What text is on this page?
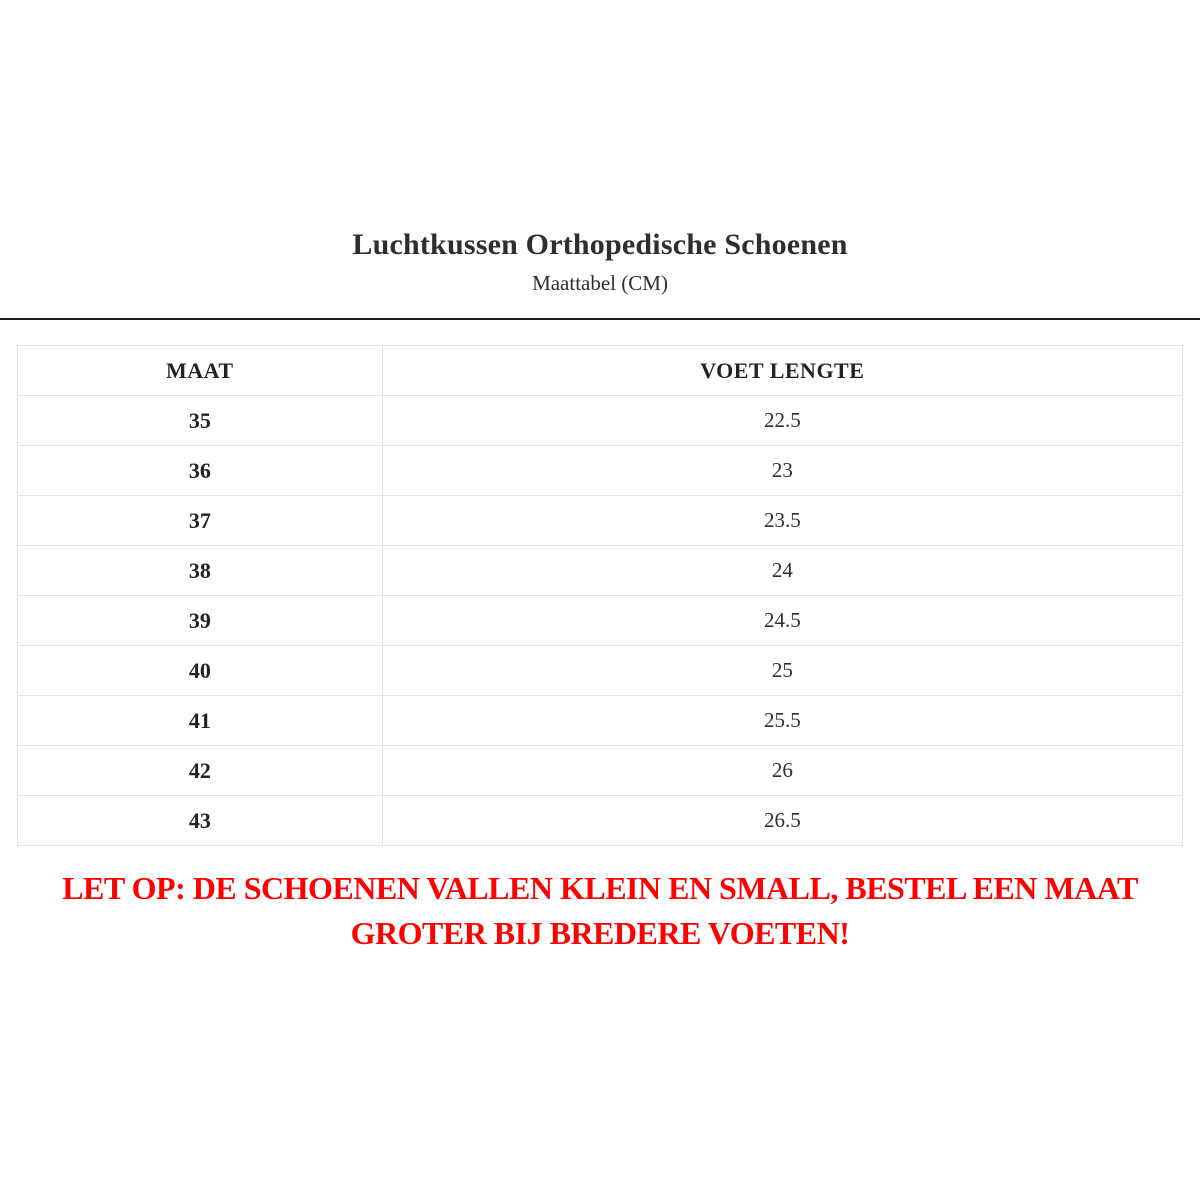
Luchtkussen Orthopedische Schoenen
Maattabel (CM)
MAAT	VOET LENGTE
35	22.5
36	23
37	23.5
38	24
39	24.5
40	25
41	25.5
42	26
43	26.5
LET OP: DE SCHOENEN VALLEN KLEIN EN SMALL, BESTEL EEN MAAT
GROTER BIJ BREDERE VOETEN!
